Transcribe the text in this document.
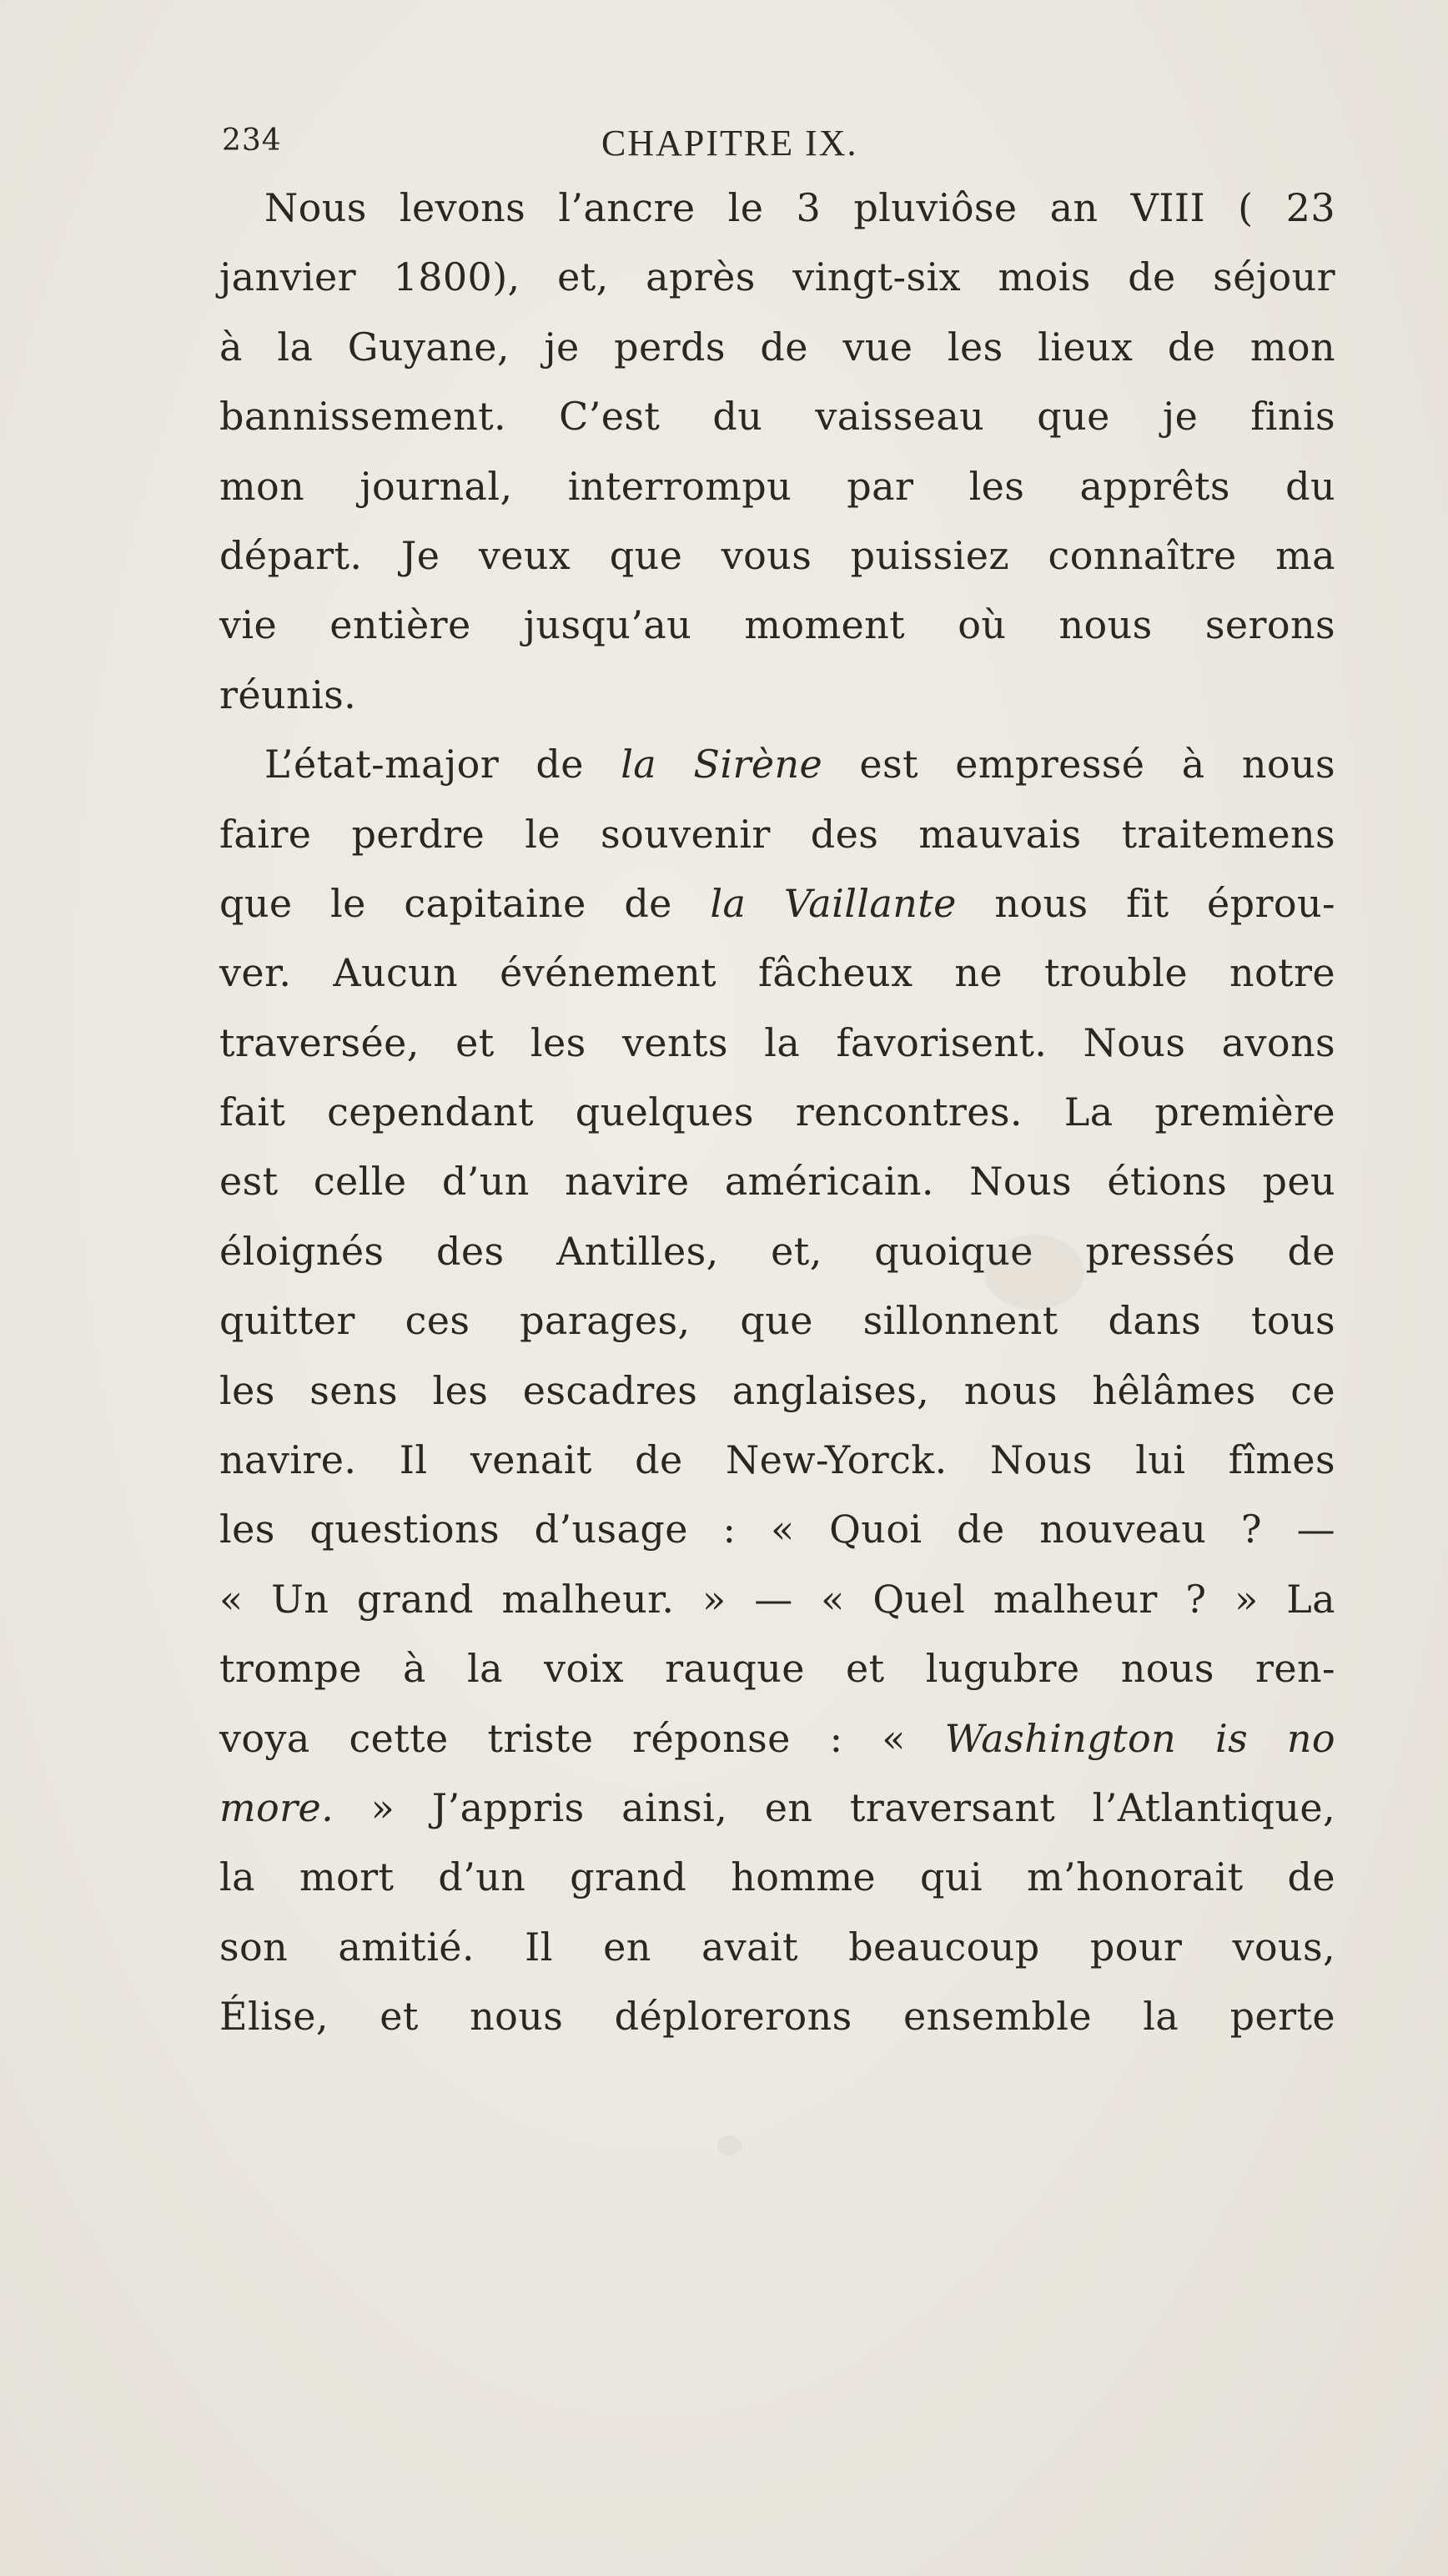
234	CHAPITRE IX.
Nous levons l’ancre le 3 pluviôse an VIII ( 23
janvier 1800), et, après vingt-six mois de séjour
à la Guyane, je perds de vue les lieux de mon
bannissement. C’est du vaisseau que je finis
mon journal, interrompu par les apprêts du
départ. Je veux que vous puissiez connaître ma
vie entière jusqu’au moment où nous serons
réunis.
L’état-major de la Sirène est empressé à nous
faire perdre le souvenir des mauvais traitemens
que le capitaine de la Vaillante nous fit éprou-
ver. Aucun événement fâcheux ne trouble notre
traversée, et les vents la favorisent. Nous avons
fait cependant quelques rencontres. La première
est celle d’un navire américain. Nous étions peu
éloignés des Antilles, et, quoique pressés de
quitter ces parages, que sillonnent dans tous
les sens les escadres anglaises, nous hêlâmes ce
navire. Il venait de New-Yorck. Nous lui fîmes
les questions d’usage : « Quoi de nouveau ? —
« Un grand malheur. » — « Quel malheur ? » La
trompe à la voix rauque et lugubre nous ren-
voya cette triste réponse : « Washington is no
more. » J’appris ainsi, en traversant l’Atlantique,
la mort d’un grand homme qui m’honorait de
son amitié. Il en avait beaucoup pour vous,
Élise, et nous déplorerons ensemble la perte
